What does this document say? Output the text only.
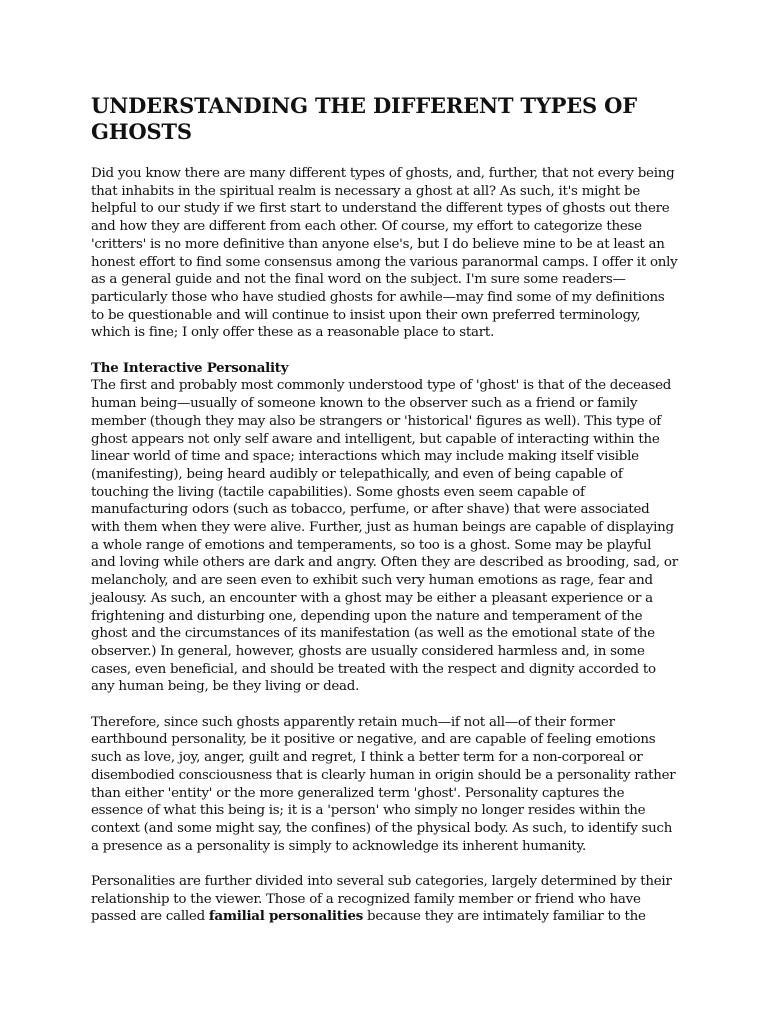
UNDERSTANDING THE DIFFERENT TYPES OF GHOSTS

Did you know there are many different types of ghosts, and, further, that not every being that inhabits in the spiritual realm is necessary a ghost at all? As such, it's might be helpful to our study if we first start to understand the different types of ghosts out there and how they are different from each other. Of course, my effort to categorize these 'critters' is no more definitive than anyone else's, but I do believe mine to be at least an honest effort to find some consensus among the various paranormal camps. I offer it only as a general guide and not the final word on the subject. I'm sure some readers—particularly those who have studied ghosts for awhile—may find some of my definitions to be questionable and will continue to insist upon their own preferred terminology, which is fine; I only offer these as a reasonable place to start.

The Interactive Personality

The first and probably most commonly understood type of 'ghost' is that of the deceased human being—usually of someone known to the observer such as a friend or family member (though they may also be strangers or 'historical' figures as well). This type of ghost appears not only self aware and intelligent, but capable of interacting within the linear world of time and space; interactions which may include making itself visible (manifesting), being heard audibly or telepathically, and even of being capable of touching the living (tactile capabilities). Some ghosts even seem capable of manufacturing odors (such as tobacco, perfume, or after shave) that were associated with them when they were alive. Further, just as human beings are capable of displaying a whole range of emotions and temperaments, so too is a ghost. Some may be playful and loving while others are dark and angry. Often they are described as brooding, sad, or melancholy, and are seen even to exhibit such very human emotions as rage, fear and jealousy. As such, an encounter with a ghost may be either a pleasant experience or a frightening and disturbing one, depending upon the nature and temperament of the ghost and the circumstances of its manifestation (as well as the emotional state of the observer.) In general, however, ghosts are usually considered harmless and, in some cases, even beneficial, and should be treated with the respect and dignity accorded to any human being, be they living or dead.

Therefore, since such ghosts apparently retain much—if not all—of their former earthbound personality, be it positive or negative, and are capable of feeling emotions such as love, joy, anger, guilt and regret, I think a better term for a non-corporeal or disembodied consciousness that is clearly human in origin should be a personality rather than either 'entity' or the more generalized term 'ghost'. Personality captures the essence of what this being is; it is a 'person' who simply no longer resides within the context (and some might say, the confines) of the physical body. As such, to identify such a presence as a personality is simply to acknowledge its inherent humanity.

Personalities are further divided into several sub categories, largely determined by their relationship to the viewer. Those of a recognized family member or friend who have passed are called familial personalities because they are intimately familiar to the
